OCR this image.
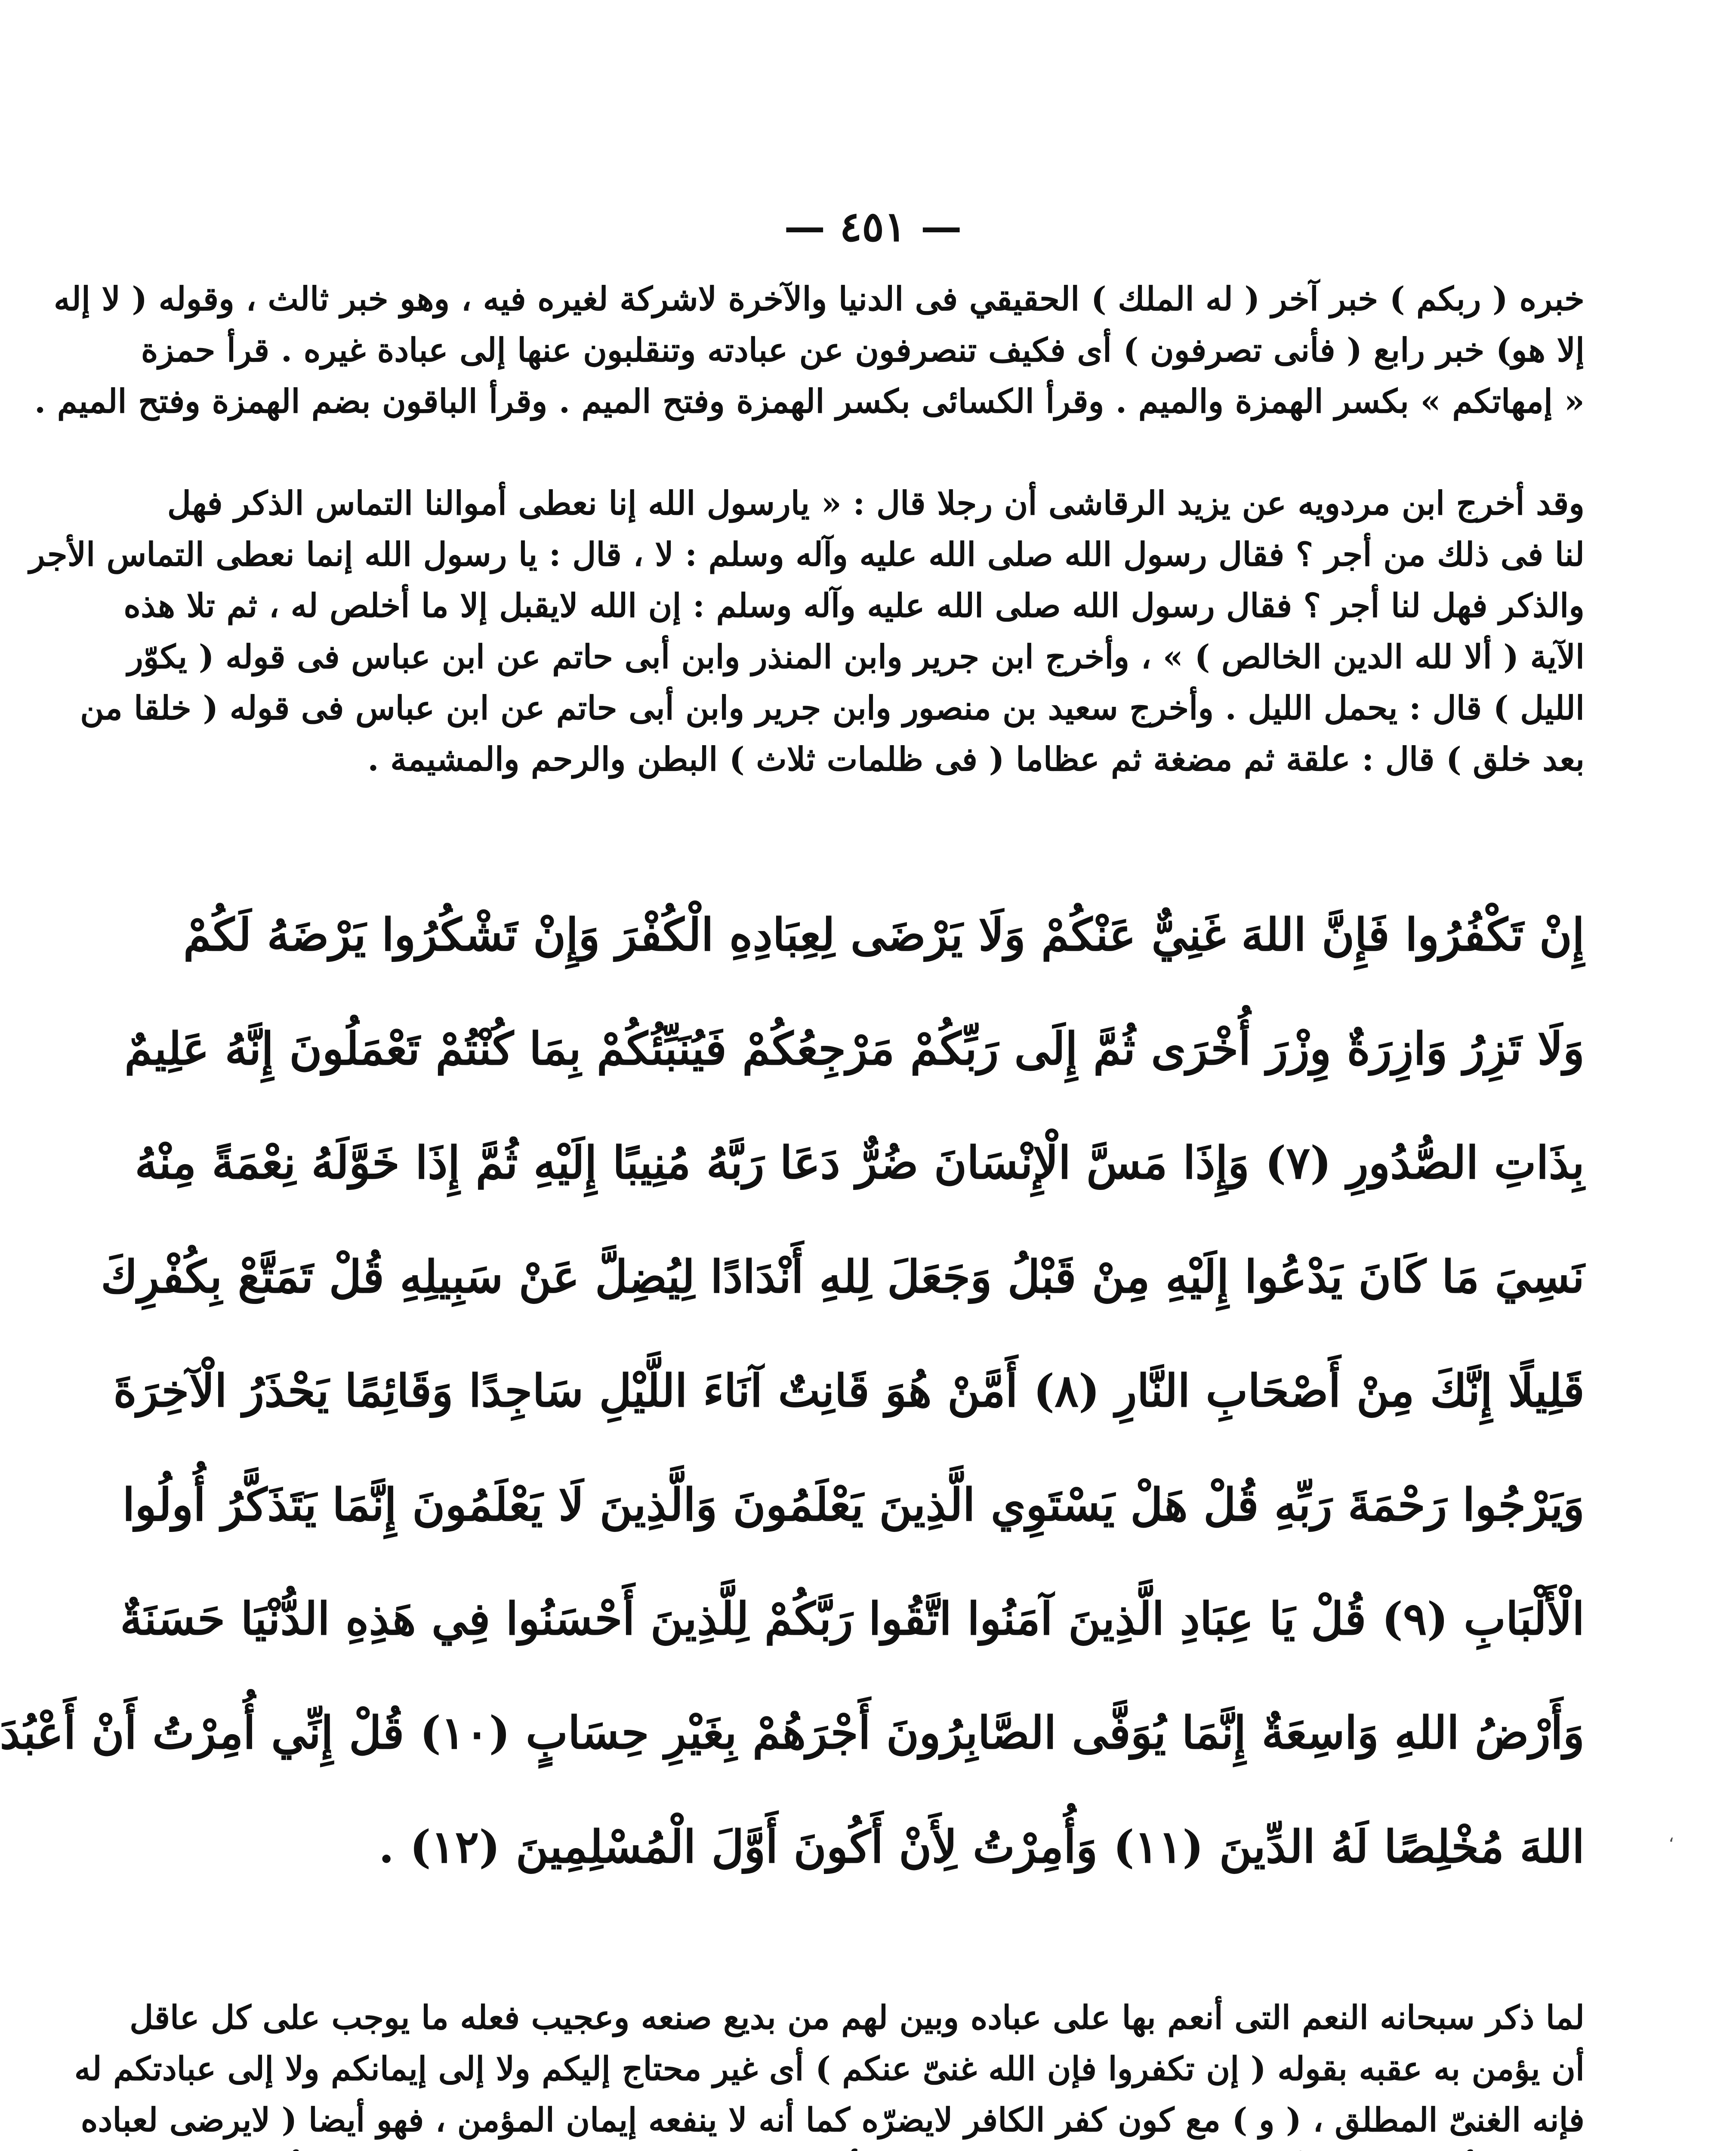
— ٤٥١ —
خبره ( ربكم ) خبر آخر ( له الملك ) الحقيقي فى الدنيا والآخرة لاشركة لغيره فيه ، وهو خبر ثالث ، وقوله ( لا إله
إلا هو) خبر رابع ( فأنى تصرفون ) أى فكيف تنصرفون عن عبادته وتنقلبون عنها إلى عبادة غيره . قرأ حمزة
« إمهاتكم » بكسر الهمزة والميم . وقرأ الكسائى بكسر الهمزة وفتح الميم . وقرأ الباقون بضم الهمزة وفتح الميم .
وقد أخرج ابن مردويه عن يزيد الرقاشى أن رجلا قال : « يارسول الله إنا نعطى أموالنا التماس الذكر فهل
لنا فى ذلك من أجر ؟ فقال رسول الله صلى الله عليه وآله وسلم : لا ، قال : يا رسول الله إنما نعطى التماس الأجر
والذكر فهل لنا أجر ؟ فقال رسول الله صلى الله عليه وآله وسلم : إن الله لايقبل إلا ما أخلص له ، ثم تلا هذه
الآية ( ألا لله الدين الخالص ) » ، وأخرج ابن جرير وابن المنذر وابن أبى حاتم عن ابن عباس فى قوله ( يكوّر
الليل ) قال : يحمل الليل . وأخرج سعيد بن منصور وابن جرير وابن أبى حاتم عن ابن عباس فى قوله ( خلقا من
بعد خلق ) قال : علقة ثم مضغة ثم عظاما ( فى ظلمات ثلاث ) البطن والرحم والمشيمة .
إِنْ تَكْفُرُوا فَإِنَّ اللهَ غَنِيٌّ عَنْكُمْ وَلَا يَرْضَى لِعِبَادِهِ الْكُفْرَ وَإِنْ تَشْكُرُوا يَرْضَهُ لَكُمْ
وَلَا تَزِرُ وَازِرَةٌ وِزْرَ أُخْرَى ثُمَّ إِلَى رَبِّكُمْ مَرْجِعُكُمْ فَيُنَبِّئُكُمْ بِمَا كُنْتُمْ تَعْمَلُونَ إِنَّهُ عَلِيمٌ
بِذَاتِ الصُّدُورِ (٧) وَإِذَا مَسَّ الْإِنْسَانَ ضُرٌّ دَعَا رَبَّهُ مُنِيبًا إِلَيْهِ ثُمَّ إِذَا خَوَّلَهُ نِعْمَةً مِنْهُ
نَسِيَ مَا كَانَ يَدْعُوا إِلَيْهِ مِنْ قَبْلُ وَجَعَلَ لِلهِ أَنْدَادًا لِيُضِلَّ عَنْ سَبِيلِهِ قُلْ تَمَتَّعْ بِكُفْرِكَ
قَلِيلًا إِنَّكَ مِنْ أَصْحَابِ النَّارِ (٨) أَمَّنْ هُوَ قَانِتٌ آنَاءَ اللَّيْلِ سَاجِدًا وَقَائِمًا يَحْذَرُ الْآخِرَةَ
وَيَرْجُوا رَحْمَةَ رَبِّهِ قُلْ هَلْ يَسْتَوِي الَّذِينَ يَعْلَمُونَ وَالَّذِينَ لَا يَعْلَمُونَ إِنَّمَا يَتَذَكَّرُ أُولُوا
الْأَلْبَابِ (٩) قُلْ يَا عِبَادِ الَّذِينَ آمَنُوا اتَّقُوا رَبَّكُمْ لِلَّذِينَ أَحْسَنُوا فِي هَذِهِ الدُّنْيَا حَسَنَةٌ
وَأَرْضُ اللهِ وَاسِعَةٌ إِنَّمَا يُوَفَّى الصَّابِرُونَ أَجْرَهُمْ بِغَيْرِ حِسَابٍ (١٠) قُلْ إِنِّي أُمِرْتُ أَنْ أَعْبُدَ
اللهَ مُخْلِصًا لَهُ الدِّينَ (١١) وَأُمِرْتُ لِأَنْ أَكُونَ أَوَّلَ الْمُسْلِمِينَ (١٢) .
لما ذكر سبحانه النعم التى أنعم بها على عباده وبين لهم من بديع صنعه وعجيب فعله ما يوجب على كل عاقل
أن يؤمن به عقبه بقوله ( إن تكفروا فإن الله غنىّ عنكم ) أى غير محتاج إليكم ولا إلى إيمانكم ولا إلى عبادتكم له
فإنه الغنىّ المطلق ، ( و ) مع كون كفر الكافر لايضرّه كما أنه لا ينفعه إيمان المؤمن ، فهو أيضا ( لايرضى لعباده
،
